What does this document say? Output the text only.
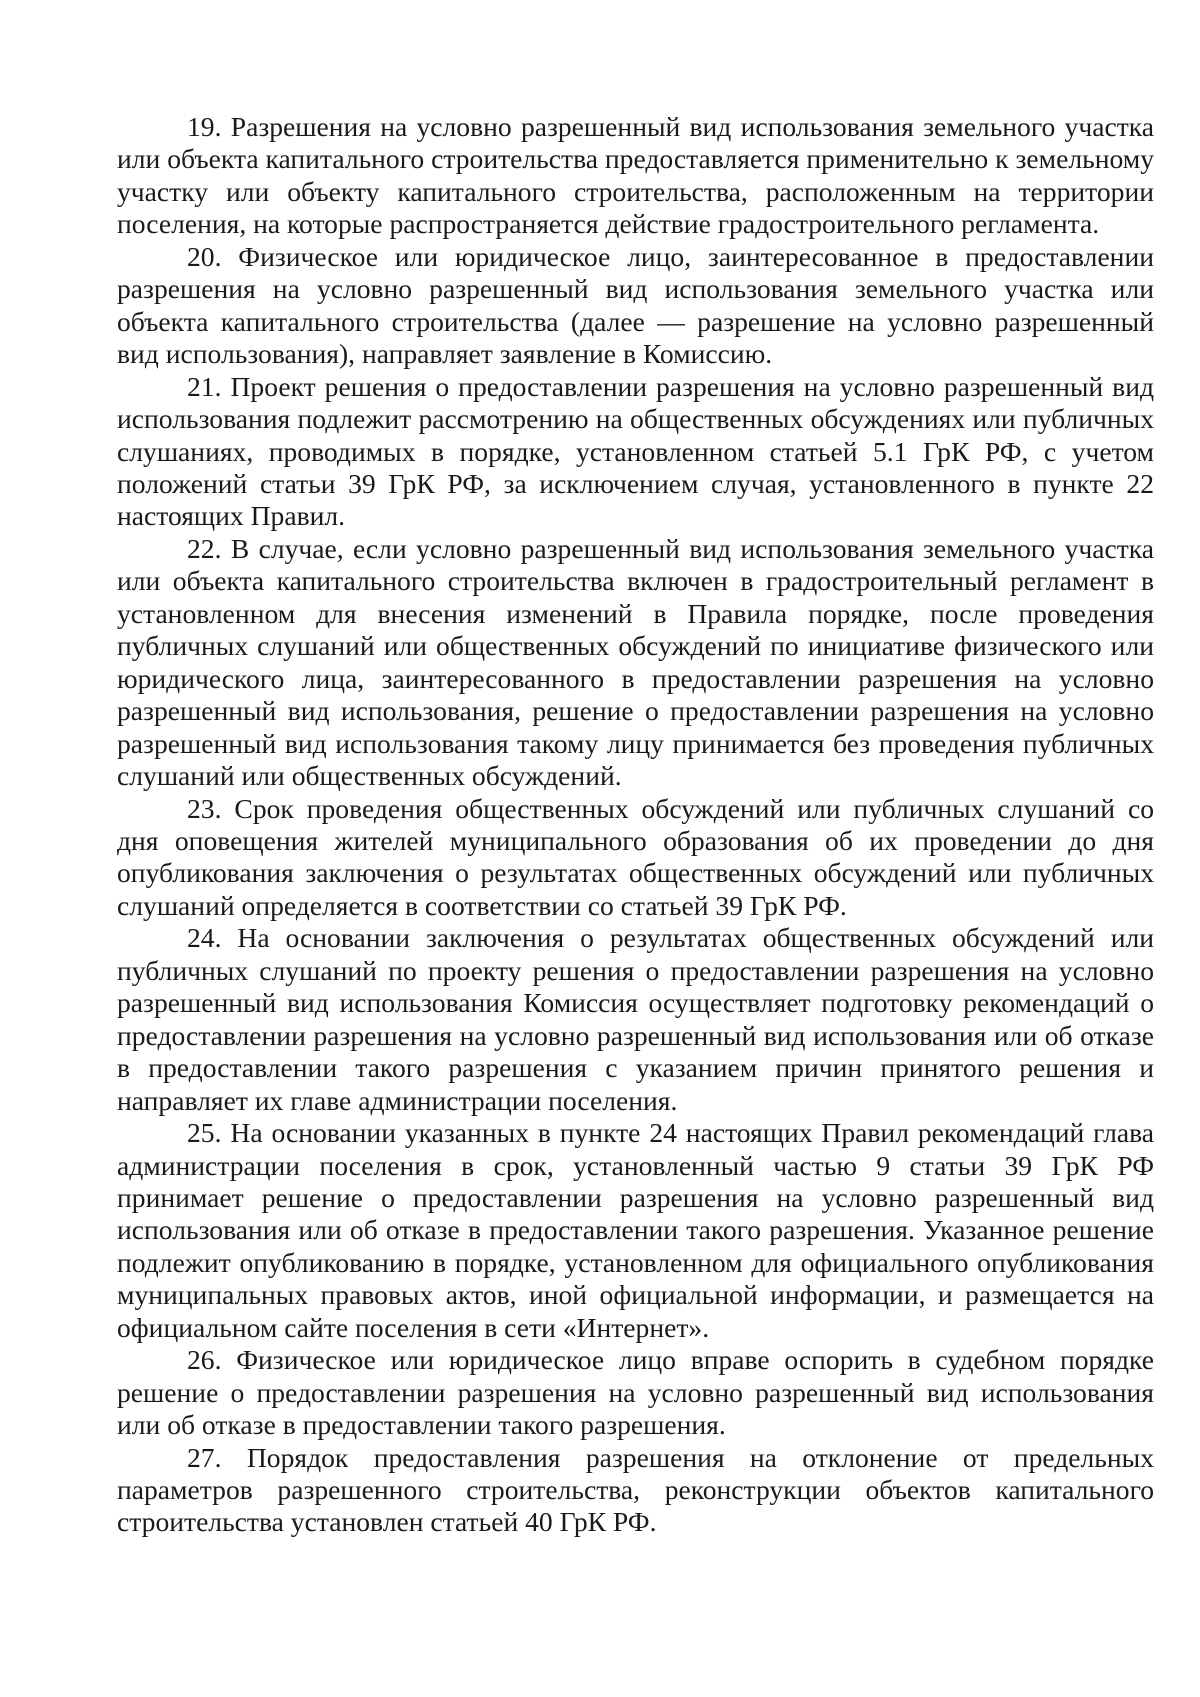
19. Разрешения на условно разрешенный вид использования земельного участка или объекта капитального строительства предоставляется применительно к земельному участку или объекту капитального строительства, расположенным на территории поселения, на которые распространяется действие градостроительного регламента.

20. Физическое или юридическое лицо, заинтересованное в предоставлении разрешения на условно разрешенный вид использования земельного участка или объекта капитального строительства (далее — разрешение на условно разрешенный вид использования), направляет заявление в Комиссию.

21. Проект решения о предоставлении разрешения на условно разрешенный вид использования подлежит рассмотрению на общественных обсуждениях или публичных слушаниях, проводимых в порядке, установленном статьей 5.1 ГрК РФ, с учетом положений статьи 39 ГрК РФ, за исключением случая, установленного в пункте 22 настоящих Правил.

22. В случае, если условно разрешенный вид использования земельного участка или объекта капитального строительства включен в градостроительный регламент в установленном для внесения изменений в Правила порядке, после проведения публичных слушаний или общественных обсуждений по инициативе физического или юридического лица, заинтересованного в предоставлении разрешения на условно разрешенный вид использования, решение о предоставлении разрешения на условно разрешенный вид использования такому лицу принимается без проведения публичных слушаний или общественных обсуждений.

23. Срок проведения общественных обсуждений или публичных слушаний со дня оповещения жителей муниципального образования об их проведении до дня опубликования заключения о результатах общественных обсуждений или публичных слушаний определяется в соответствии со статьей 39 ГрК РФ.

24. На основании заключения о результатах общественных обсуждений или публичных слушаний по проекту решения о предоставлении разрешения на условно разрешенный вид использования Комиссия осуществляет подготовку рекомендаций о предоставлении разрешения на условно разрешенный вид использования или об отказе в предоставлении такого разрешения с указанием причин принятого решения и направляет их главе администрации поселения.

25. На основании указанных в пункте 24 настоящих Правил рекомендаций глава администрации поселения в срок, установленный частью 9 статьи 39 ГрК РФ принимает решение о предоставлении разрешения на условно разрешенный вид использования или об отказе в предоставлении такого разрешения. Указанное решение подлежит опубликованию в порядке, установленном для официального опубликования муниципальных правовых актов, иной официальной информации, и размещается на официальном сайте поселения в сети «Интернет».

26. Физическое или юридическое лицо вправе оспорить в судебном порядке решение о предоставлении разрешения на условно разрешенный вид использования или об отказе в предоставлении такого разрешения.

27. Порядок предоставления разрешения на отклонение от предельных параметров разрешенного строительства, реконструкции объектов капитального строительства установлен статьей 40 ГрК РФ.
